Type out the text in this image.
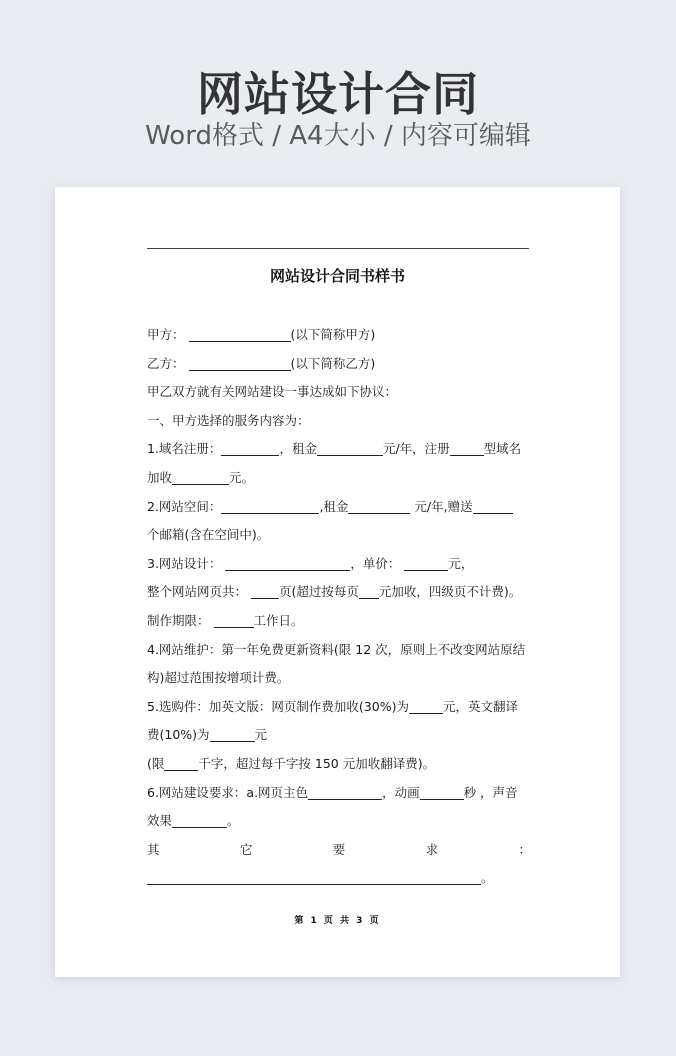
网站设计合同
Word格式 / A4大小 / 内容可编辑
网站设计合同书样书
甲方：	(以下简称甲方)
乙方：	(以下简称乙方)
甲乙双方就有关网站建设一事达成如下协议：
一、甲方选择的服务内容为：
1.域名注册：	，租金	元/年，注册	型域名
加收	元。
2.网站空间：	,租金	元/年,赠送
个邮箱(含在空间中)。
3.网站设计：	，单价：	元，
整个网站网页共：	页(超过按每页 元加收，四级页不计费)。
制作期限：	工作日。
4.网站维护：第一年免费更新资料(限 12 次，原则上不改变网站原结
构)超过范围按增项计费。
5.选购件：加英文版：网页制作费加收(30%)为	元，英文翻译
费(10%)为	元
(限	千字，超过每千字按 150 元加收翻译费)。
6.网站建设要求：a.网页主色	，动画	秒 ，声音
效果	。
其	它	要	求	：
。
第 1 页 共 3 页
